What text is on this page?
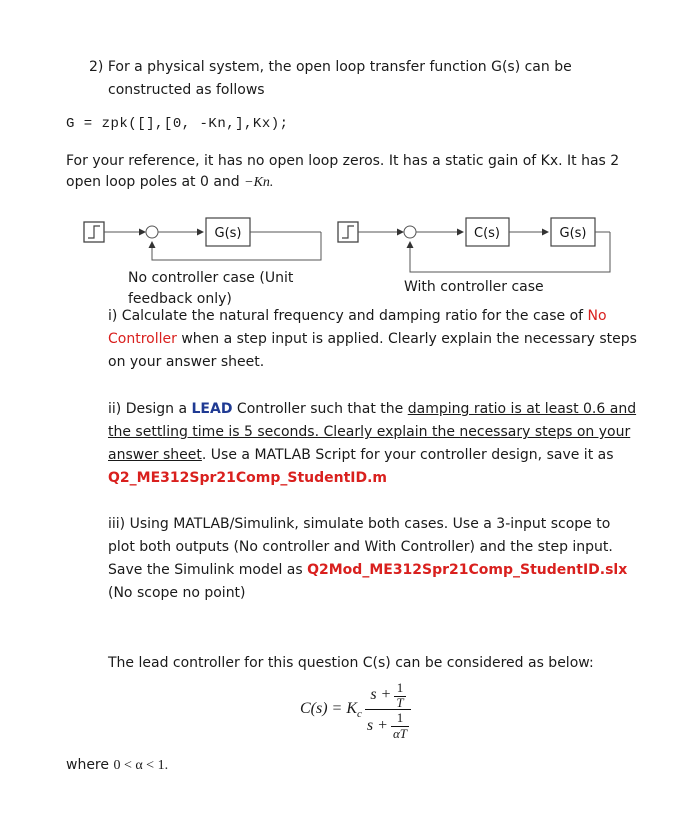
2) For a physical system, the open loop transfer function G(s) can be
constructed as follows
G = zpk([],[0, -Kn,],Kx);
For your reference, it has no open loop zeros. It has a static gain of Kx. It has 2
open loop poles at 0 and −Kn.
G(s)	C(s)	G(s)
No controller case (Unit
feedback only)
With controller case
i) Calculate the natural frequency and damping ratio for the case of No
Controller when a step input is applied. Clearly explain the necessary steps
on your answer sheet.
ii) Design a LEAD Controller such that the damping ratio is at least 0.6 and
the settling time is 5 seconds. Clearly explain the necessary steps on your
answer sheet. Use a MATLAB Script for your controller design, save it as
Q2_ME312Spr21Comp_StudentID.m
iii) Using MATLAB/Simulink, simulate both cases. Use a 3-input scope to
plot both outputs (No controller and With Controller) and the step input.
Save the Simulink model as Q2Mod_ME312Spr21Comp_StudentID.slx
(No scope no point)
The lead controller for this question C(s) can be considered as below:
$C(s) = K_c \frac{s + \frac{1}{T}}{s + \frac{1}{\alpha T}}$
where 0 < α < 1.
